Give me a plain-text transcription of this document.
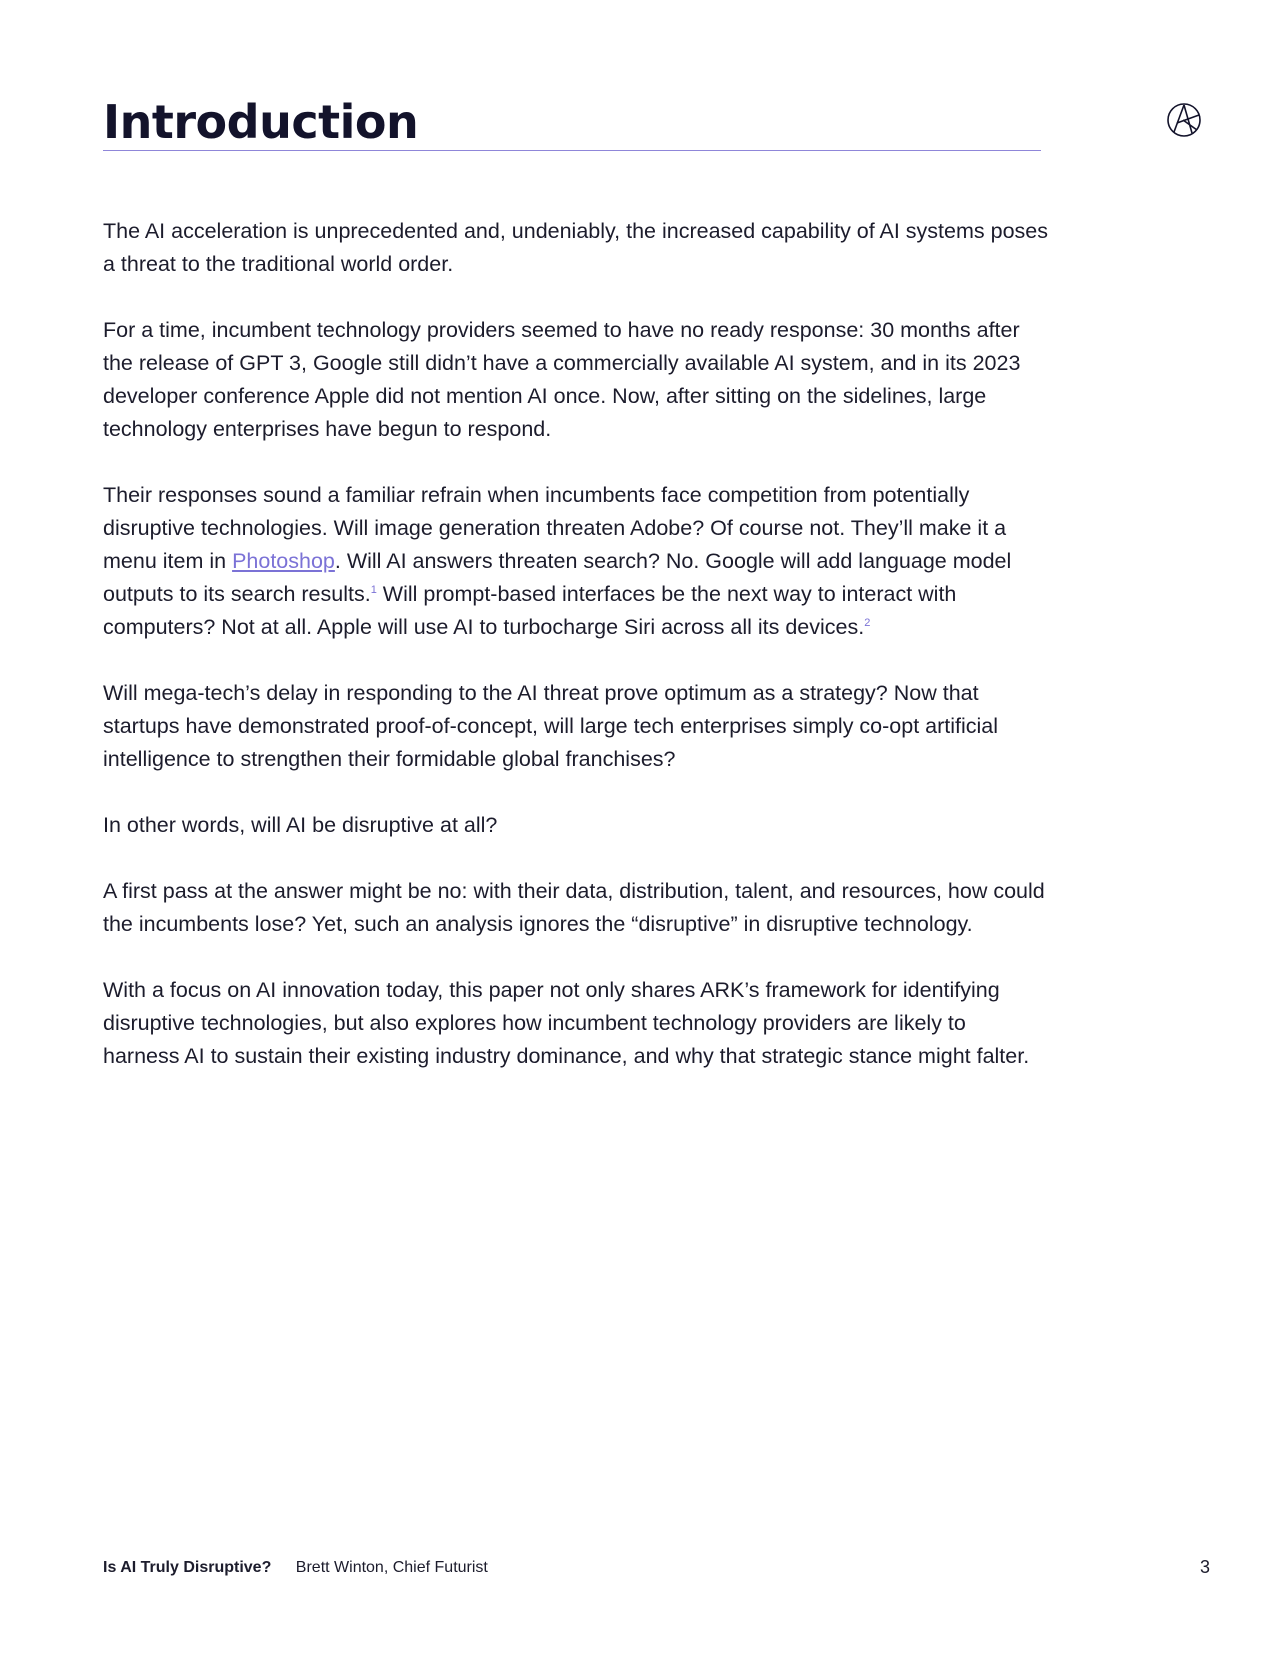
Introduction

The AI acceleration is unprecedented and, undeniably, the increased capability of AI systems poses a threat to the traditional world order.

For a time, incumbent technology providers seemed to have no ready response: 30 months after the release of GPT 3, Google still didn’t have a commercially available AI system, and in its 2023 developer conference Apple did not mention AI once. Now, after sitting on the sidelines, large technology enterprises have begun to respond.

Their responses sound a familiar refrain when incumbents face competition from potentially disruptive technologies. Will image generation threaten Adobe? Of course not. They’ll make it a menu item in Photoshop. Will AI answers threaten search? No. Google will add language model outputs to its search results.$^1$ Will prompt-based interfaces be the next way to interact with computers? Not at all. Apple will use AI to turbocharge Siri across all its devices.$^2$

Will mega-tech’s delay in responding to the AI threat prove optimum as a strategy? Now that startups have demonstrated proof-of-concept, will large tech enterprises simply co-opt artificial intelligence to strengthen their formidable global franchises?

In other words, will AI be disruptive at all?

A first pass at the answer might be no: with their data, distribution, talent, and resources, how could the incumbents lose? Yet, such an analysis ignores the “disruptive” in disruptive technology.

With a focus on AI innovation today, this paper not only shares ARK’s framework for identifying disruptive technologies, but also explores how incumbent technology providers are likely to harness AI to sustain their existing industry dominance, and why that strategic stance might falter.

Is AI Truly Disruptive? Brett Winton, Chief Futurist	3
